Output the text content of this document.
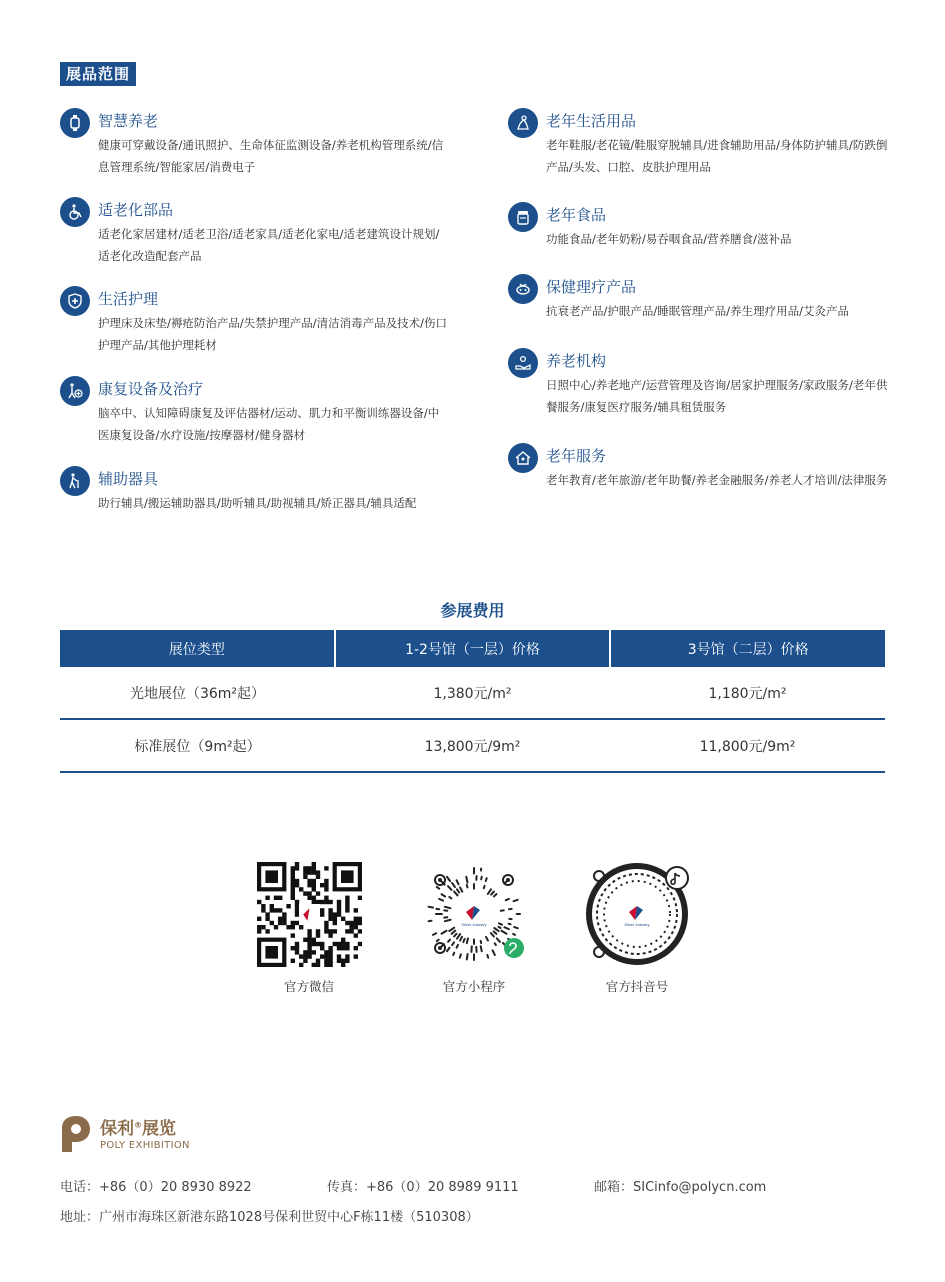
展品范围
智慧养老
健康可穿戴设备/通讯照护、生命体征监测设备/养老机构管理系统/信息管理系统/智能家居/消费电子
适老化部品
适老化家居建材/适老卫浴/适老家具/适老化家电/适老建筑设计规划/适老化改造配套产品
生活护理
护理床及床垫/褥疮防治产品/失禁护理产品/清洁消毒产品及技术/伤口护理产品/其他护理耗材
康复设备及治疗
脑卒中、认知障碍康复及评估器材/运动、肌力和平衡训练器设备/中医康复设备/水疗设施/按摩器材/健身器材
辅助器具
助行辅具/搬运辅助器具/助听辅具/助视辅具/矫正器具/辅具适配
老年生活用品
老年鞋服/老花镜/鞋服穿脱辅具/进食辅助用品/身体防护辅具/防跌倒产品/头发、口腔、皮肤护理用品
老年食品
功能食品/老年奶粉/易吞咽食品/营养膳食/滋补品
保健理疗产品
抗衰老产品/护眼产品/睡眠管理产品/养生理疗用品/艾灸产品
养老机构
日照中心/养老地产/运营管理及咨询/居家护理服务/家政服务/老年供餐服务/康复医疗服务/辅具租赁服务
老年服务
老年教育/老年旅游/老年助餐/养老金融服务/养老人才培训/法律服务
参展费用
展位类型	1-2号馆（一层）价格	3号馆（二层）价格
光地展位（36m²起）	1,380元/m²	1,180元/m²
标准展位（9m²起）	13,800元/9m²	11,800元/9m²
官方微信
Silver Industry
官方小程序
Silver Industry
官方抖音号
保利®展览
POLY EXHIBITION
电话：+86（0）20 8930 8922	传真：+86（0）20 8989 9111	邮箱：SICinfo@polycn.com
地址：广州市海珠区新港东路1028号保利世贸中心F栋11楼（510308）
